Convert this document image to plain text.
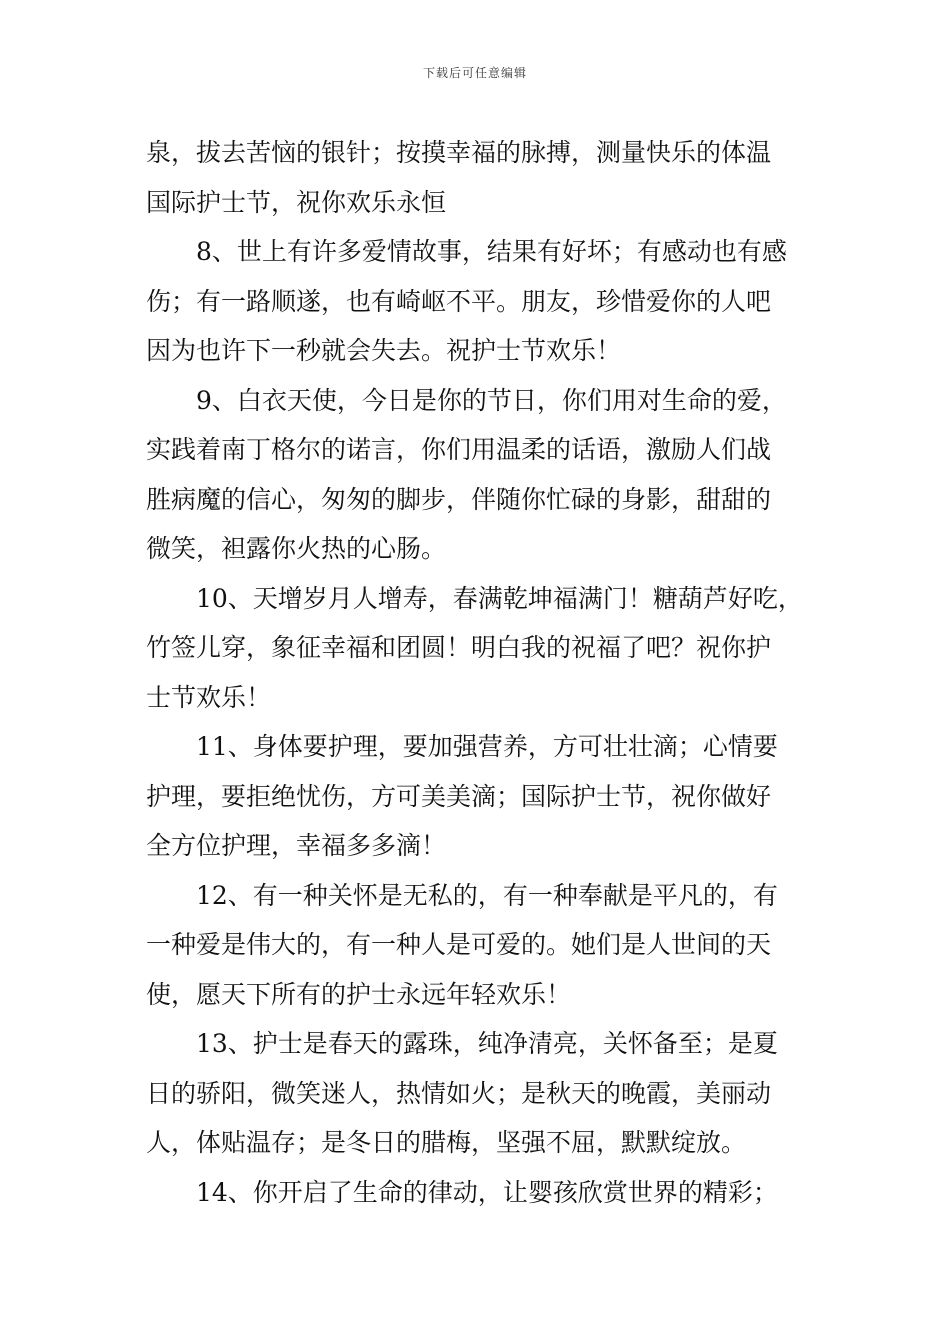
下载后可任意编辑
泉，拔去苦恼的银针；按摸幸福的脉搏，测量快乐的体温
国际护士节，祝你欢乐永恒
8、世上有许多爱情故事，结果有好坏；有感动也有感
伤；有一路顺遂，也有崎岖不平。朋友，珍惜爱你的人吧
因为也许下一秒就会失去。祝护士节欢乐！
9、白衣天使，今日是你的节日，你们用对生命的爱，
实践着南丁格尔的诺言，你们用温柔的话语，激励人们战
胜病魔的信心，匆匆的脚步，伴随你忙碌的身影，甜甜的
微笑，袒露你火热的心肠。
10、天增岁月人增寿，春满乾坤福满门！糖葫芦好吃，
竹签儿穿，象征幸福和团圆！明白我的祝福了吧？祝你护
士节欢乐！
11、身体要护理，要加强营养，方可壮壮滴；心情要
护理，要拒绝忧伤，方可美美滴；国际护士节，祝你做好
全方位护理，幸福多多滴！
12、有一种关怀是无私的，有一种奉献是平凡的，有
一种爱是伟大的，有一种人是可爱的。她们是人世间的天
使，愿天下所有的护士永远年轻欢乐！
13、护士是春天的露珠，纯净清亮，关怀备至；是夏
日的骄阳，微笑迷人，热情如火；是秋天的晚霞，美丽动
人，体贴温存；是冬日的腊梅，坚强不屈，默默绽放。
14、你开启了生命的律动，让婴孩欣赏世界的精彩；
